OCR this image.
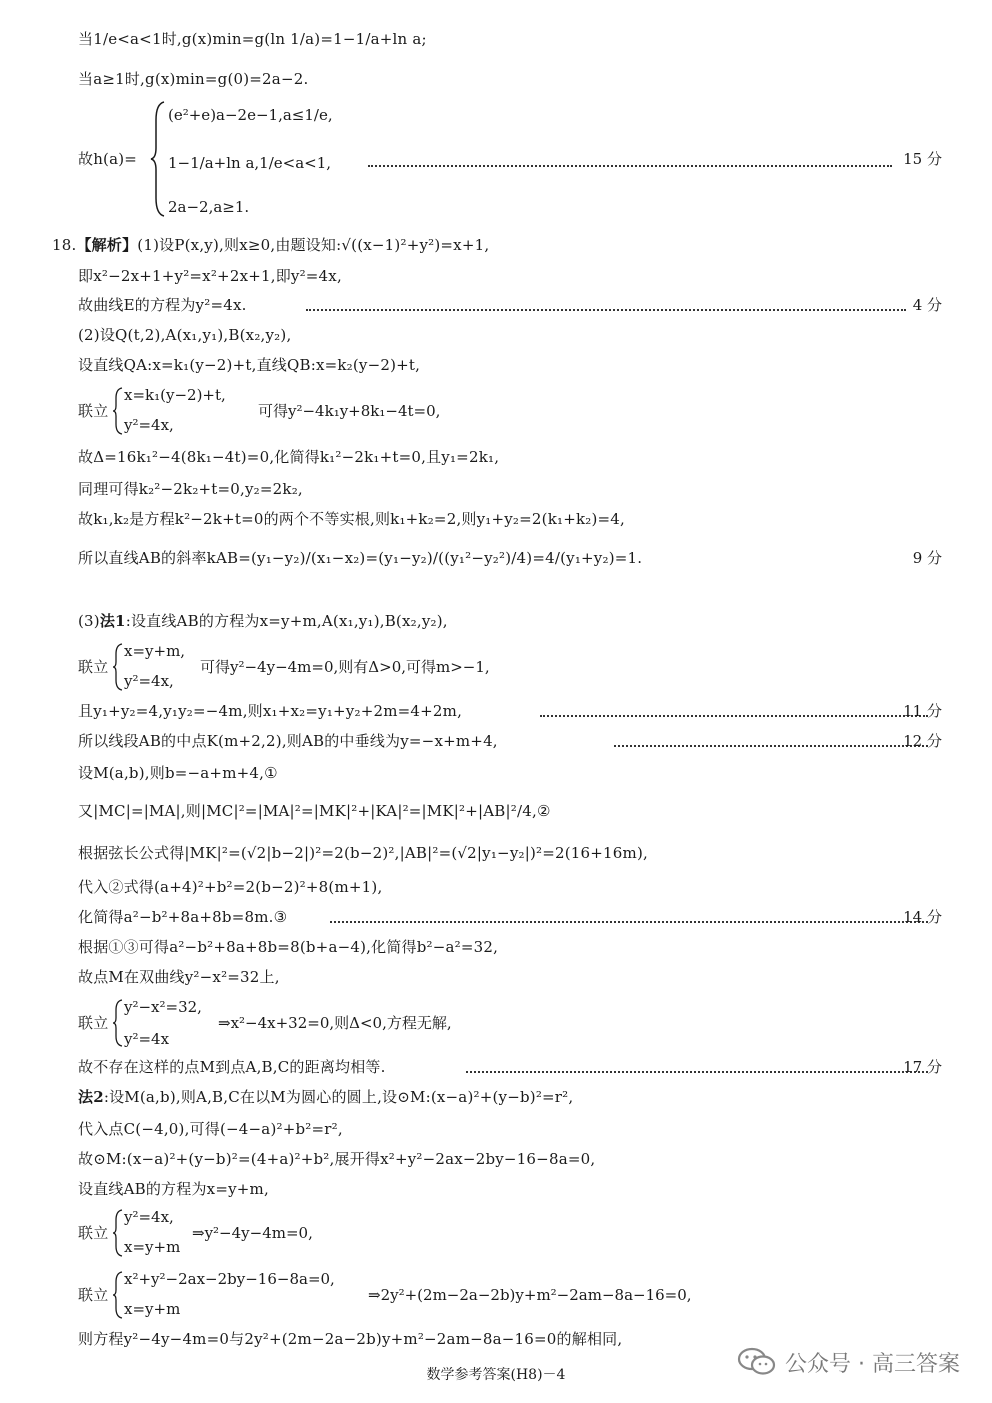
当1/e<a<1时,g(x)min=g(ln 1/a)=1−1/a+ln a;
当a≥1时,g(x)min=g(0)=2a−2.
故h(a)=
(e²+e)a−2e−1,a≤1/e,
1−1/a+ln a,1/e<a<1,
2a−2,a≥1.
15 分
18.【解析】(1)设P(x,y),则x≥0,由题设知:√((x−1)²+y²)=x+1,
即x²−2x+1+y²=x²+2x+1,即y²=4x,
故曲线E的方程为y²=4x.	4 分
(2)设Q(t,2),A(x₁,y₁),B(x₂,y₂),
设直线QA:x=k₁(y−2)+t,直线QB:x=k₂(y−2)+t,
联立
x=k₁(y−2)+t,
y²=4x,
可得y²−4k₁y+8k₁−4t=0,
故Δ=16k₁²−4(8k₁−4t)=0,化简得k₁²−2k₁+t=0,且y₁=2k₁,
同理可得k₂²−2k₂+t=0,y₂=2k₂,
故k₁,k₂是方程k²−2k+t=0的两个不等实根,则k₁+k₂=2,则y₁+y₂=2(k₁+k₂)=4,
所以直线AB的斜率kAB=(y₁−y₂)/(x₁−x₂)=(y₁−y₂)/((y₁²−y₂²)/4)=4/(y₁+y₂)=1.	9 分
(3)法1:设直线AB的方程为x=y+m,A(x₁,y₁),B(x₂,y₂),
联立
x=y+m,
y²=4x,
可得y²−4y−4m=0,则有Δ>0,可得m>−1,
且y₁+y₂=4,y₁y₂=−4m,则x₁+x₂=y₁+y₂+2m=4+2m,	11 分
所以线段AB的中点K(m+2,2),则AB的中垂线为y=−x+m+4,	12 分
设M(a,b),则b=−a+m+4,①
又|MC|=|MA|,则|MC|²=|MA|²=|MK|²+|KA|²=|MK|²+|AB|²/4,②
根据弦长公式得|MK|²=(√2|b−2|)²=2(b−2)²,|AB|²=(√2|y₁−y₂|)²=2(16+16m),
代入②式得(a+4)²+b²=2(b−2)²+8(m+1),
化简得a²−b²+8a+8b=8m.③	14 分
根据①③可得a²−b²+8a+8b=8(b+a−4),化简得b²−a²=32,
故点M在双曲线y²−x²=32上,
联立
y²−x²=32,
y²=4x
⇒x²−4x+32=0,则Δ<0,方程无解,
故不存在这样的点M到点A,B,C的距离均相等.	17 分
法2:设M(a,b),则A,B,C在以M为圆心的圆上,设⊙M:(x−a)²+(y−b)²=r²,
代入点C(−4,0),可得(−4−a)²+b²=r²,
故⊙M:(x−a)²+(y−b)²=(4+a)²+b²,展开得x²+y²−2ax−2by−16−8a=0,
设直线AB的方程为x=y+m,
联立
y²=4x,
x=y+m
⇒y²−4y−4m=0,
联立
x²+y²−2ax−2by−16−8a=0,
x=y+m
⇒2y²+(2m−2a−2b)y+m²−2am−8a−16=0,
则方程y²−4y−4m=0与2y²+(2m−2a−2b)y+m²−2am−8a−16=0的解相同,
数学参考答案(H8)－4	公众号 · 高三答案
